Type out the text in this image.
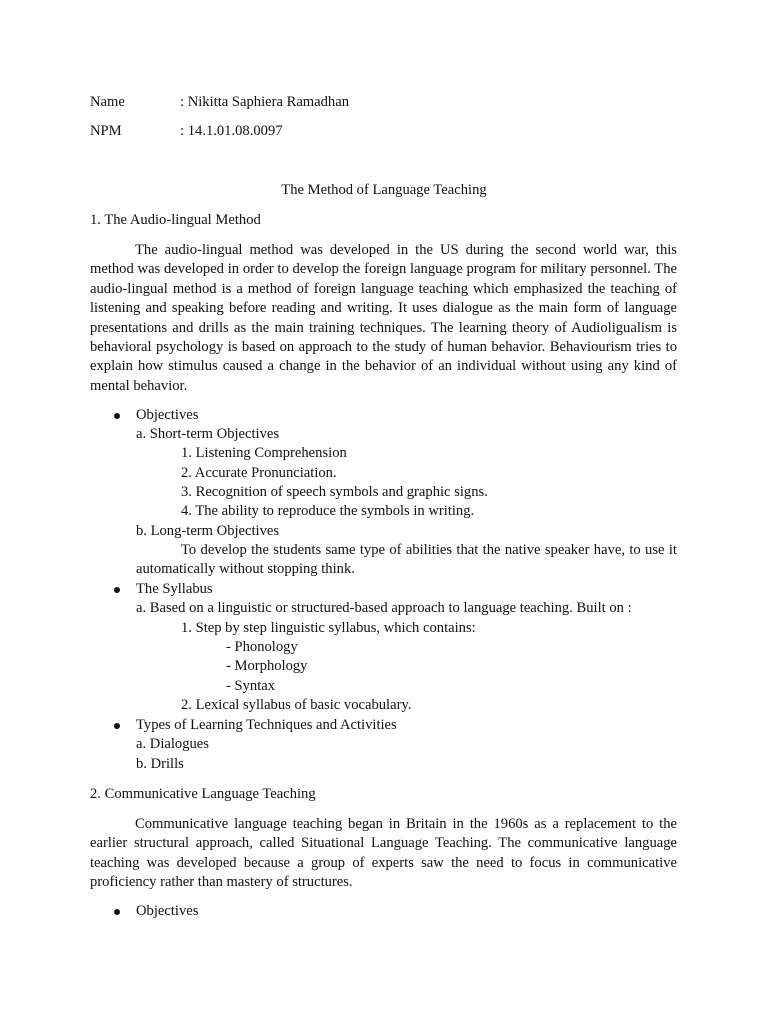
Name	: Nikitta Saphiera Ramadhan
NPM	: 14.1.01.08.0097
The Method of Language Teaching
1. The Audio-lingual Method
The audio-lingual method was developed in the US during the second world war, this method was developed in order to develop the foreign language program for military personnel. The audio-lingual method is a method of foreign language teaching which emphasized the teaching of listening and speaking before reading and writing. It uses dialogue as the main form of language presentations and drills as the main training techniques. The learning theory of Audioligualism is behavioral psychology is based on approach to the study of human behavior. Behaviourism tries to explain how stimulus caused a change in the behavior of an individual without using any kind of mental behavior.
Objectives
a. Short-term Objectives
1. Listening Comprehension
2. Accurate Pronunciation.
3. Recognition of speech symbols and graphic signs.
4. The ability to reproduce the symbols in writing.
b. Long-term Objectives
To develop the students same type of abilities that the native speaker have, to use it automatically without stopping think.
The Syllabus
a. Based on a linguistic or structured-based approach to language teaching. Built on :
1. Step by step linguistic syllabus, which contains:
- Phonology
- Morphology
- Syntax
2. Lexical syllabus of basic vocabulary.
Types of Learning Techniques and Activities
a. Dialogues
b. Drills
2. Communicative Language Teaching
Communicative language teaching began in Britain in the 1960s as a replacement to the earlier structural approach, called Situational Language Teaching. The communicative language teaching was developed because a group of experts saw the need to focus in communicative proficiency rather than mastery of structures.
Objectives
